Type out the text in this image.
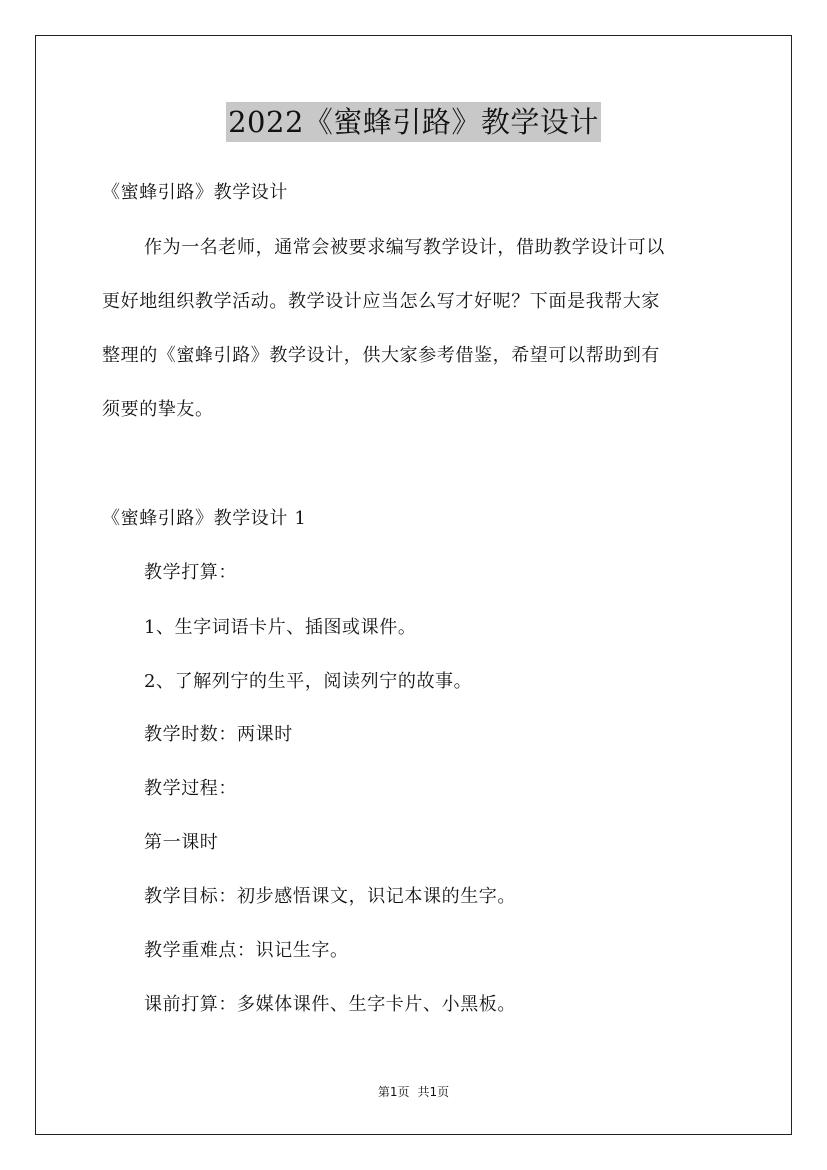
2022《蜜蜂引路》教学设计
《蜜蜂引路》教学设计
作为一名老师，通常会被要求编写教学设计，借助教学设计可以
更好地组织教学活动。教学设计应当怎么写才好呢？下面是我帮大家
整理的《蜜蜂引路》教学设计，供大家参考借鉴，希望可以帮助到有
须要的挚友。
《蜜蜂引路》教学设计 1
教学打算：
1、生字词语卡片、插图或课件。
2、了解列宁的生平，阅读列宁的故事。
教学时数：两课时
教学过程：
第一课时
教学目标：初步感悟课文，识记本课的生字。
教学重难点：识记生字。
课前打算：多媒体课件、生字卡片、小黑板。
第1页 共1页
